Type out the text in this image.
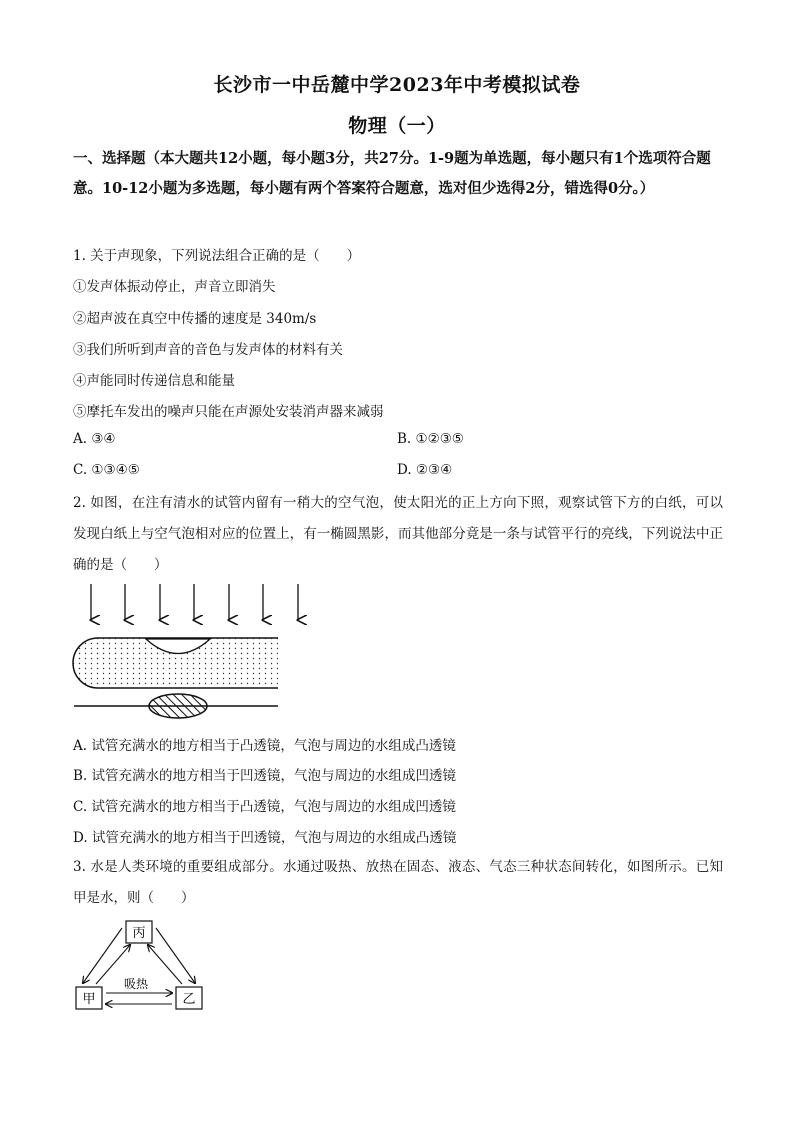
长沙市一中岳麓中学2023年中考模拟试卷
物理（一）
一、选择题（本大题共12小题，每小题3分，共27分。1-9题为单选题，每小题只有1个选项符合题意。10-12小题为多选题，每小题有两个答案符合题意，选对但少选得2分，错选得0分。）
1. 关于声现象，下列说法组合正确的是（　　）
①发声体振动停止，声音立即消失
②超声波在真空中传播的速度是 340m/s
③我们所听到声音的音色与发声体的材料有关
④声能同时传递信息和能量
⑤摩托车发出的噪声只能在声源处安装消声器来减弱
A. ③④	B. ①②③⑤
C. ①③④⑤	D. ②③④
2. 如图，在注有清水的试管内留有一稍大的空气泡，使太阳光的正上方向下照，观察试管下方的白纸，可以发现白纸上与空气泡相对应的位置上，有一椭圆黑影，而其他部分竟是一条与试管平行的亮线，下列说法中正确的是（　　）
A. 试管充满水的地方相当于凸透镜，气泡与周边的水组成凸透镜
B. 试管充满水的地方相当于凹透镜，气泡与周边的水组成凹透镜
C. 试管充满水的地方相当于凸透镜，气泡与周边的水组成凹透镜
D. 试管充满水的地方相当于凹透镜，气泡与周边的水组成凸透镜
3. 水是人类环境的重要组成部分。水通过吸热、放热在固态、液态、气态三种状态间转化，如图所示。已知甲是水，则（　　）
丙
甲	乙
吸热
